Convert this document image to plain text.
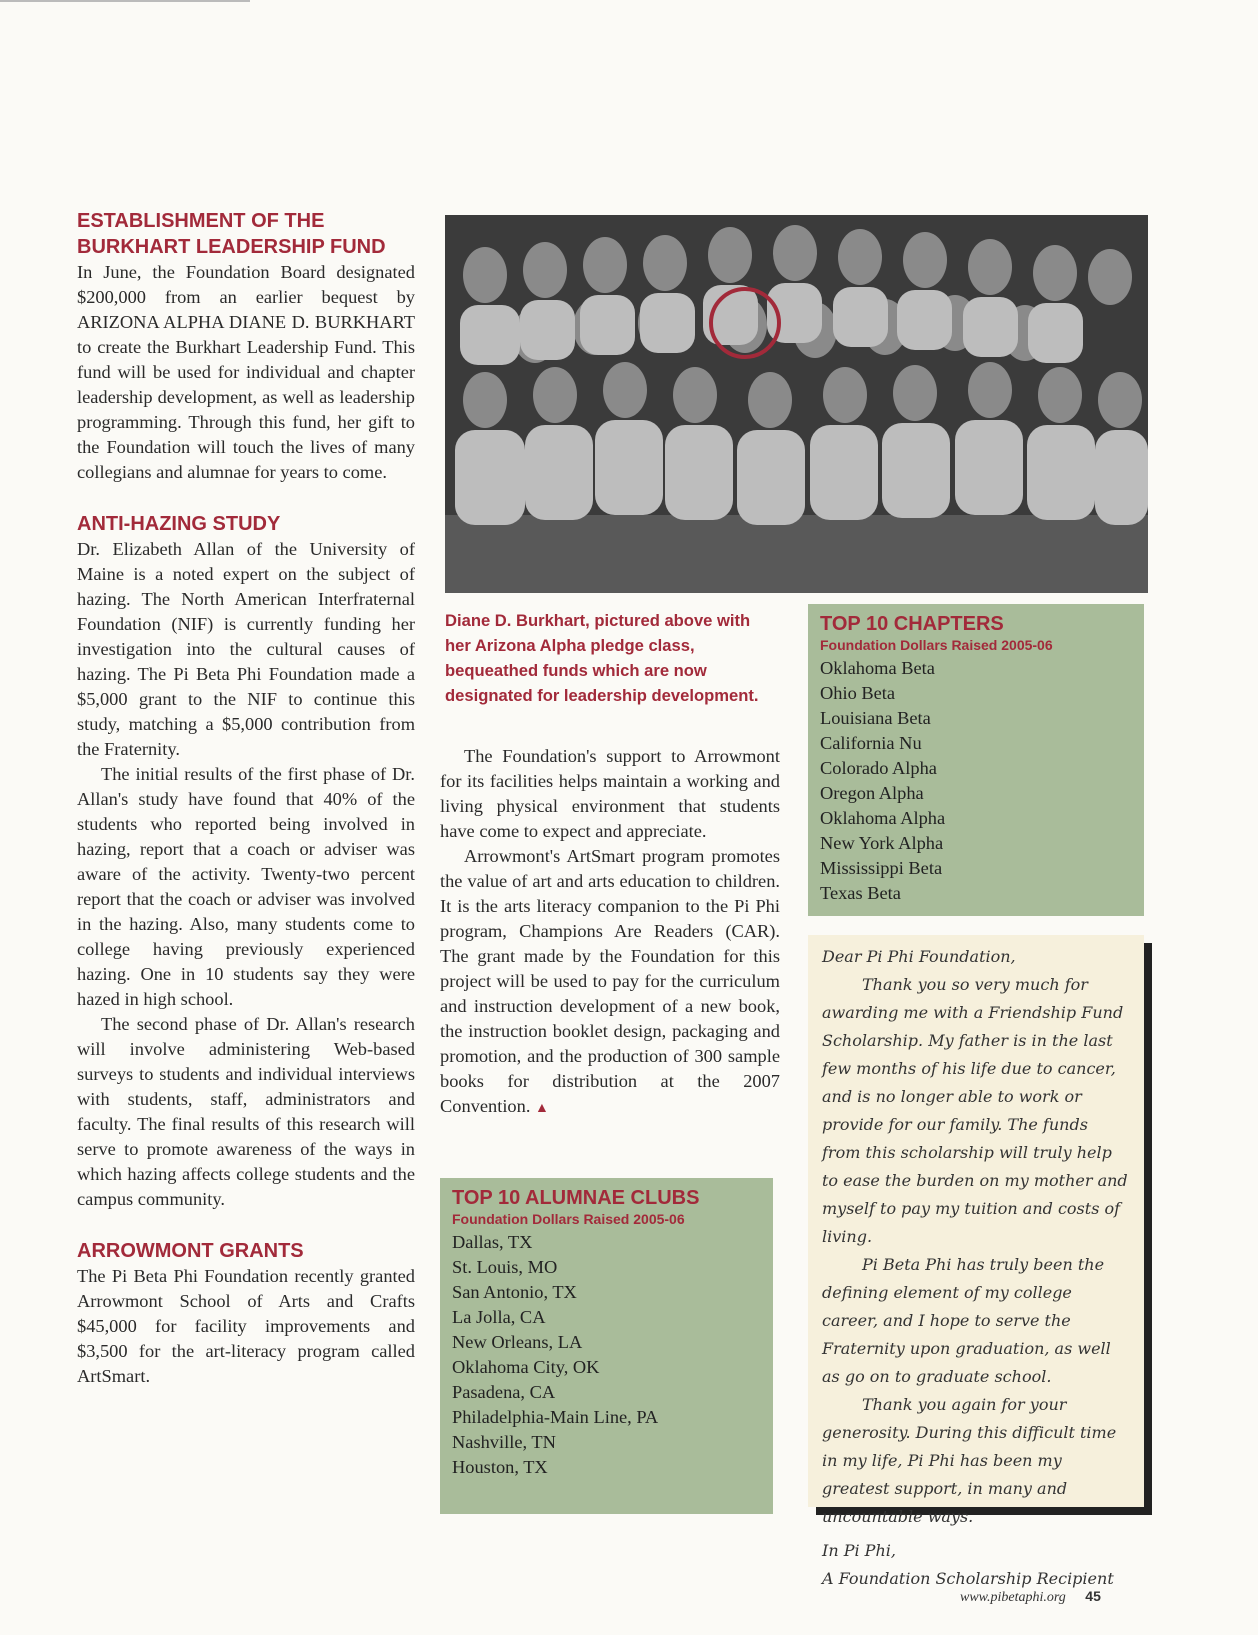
ESTABLISHMENT OF THE BURKHART LEADERSHIP FUND

In June, the Foundation Board designated $200,000 from an earlier bequest by ARIZONA ALPHA DIANE D. BURKHART to create the Burkhart Leadership Fund. This fund will be used for individual and chapter leadership development, as well as leadership programming. Through this fund, her gift to the Foundation will touch the lives of many collegians and alumnae for years to come.

ANTI-HAZING STUDY

Dr. Elizabeth Allan of the University of Maine is a noted expert on the subject of hazing. The North American Interfraternal Foundation (NIF) is currently funding her investigation into the cultural causes of hazing. The Pi Beta Phi Foundation made a $5,000 grant to the NIF to continue this study, matching a $5,000 contribution from the Fraternity.

The initial results of the first phase of Dr. Allan's study have found that 40% of the students who reported being involved in hazing, report that a coach or adviser was aware of the activity. Twenty-two percent report that the coach or adviser was involved in the hazing. Also, many students come to college having previously experienced hazing. One in 10 students say they were hazed in high school.

The second phase of Dr. Allan's research will involve administering Web-based surveys to students and individual interviews with students, staff, administrators and faculty. The final results of this research will serve to promote awareness of the ways in which hazing affects college students and the campus community.

ARROWMONT GRANTS

The Pi Beta Phi Foundation recently granted Arrowmont School of Arts and Crafts $45,000 for facility improvements and $3,500 for the art-literacy program called ArtSmart.

Diane D. Burkhart, pictured above with her Arizona Alpha pledge class, bequeathed funds which are now designated for leadership development.

The Foundation's support to Arrowmont for its facilities helps maintain a working and living physical environment that students have come to expect and appreciate.

Arrowmont's ArtSmart program promotes the value of art and arts education to children. It is the arts literacy companion to the Pi Phi program, Champions Are Readers (CAR). The grant made by the Foundation for this project will be used to pay for the curriculum and instruction development of a new book, the instruction booklet design, packaging and promotion, and the production of 300 sample books for distribution at the 2007 Convention. ▲

TOP 10 CHAPTERS
Foundation Dollars Raised 2005-06
Oklahoma Beta
Ohio Beta
Louisiana Beta
California Nu
Colorado Alpha
Oregon Alpha
Oklahoma Alpha
New York Alpha
Mississippi Beta
Texas Beta
TOP 10 ALUMNAE CLUBS
Foundation Dollars Raised 2005-06
Dallas, TX
St. Louis, MO
San Antonio, TX
La Jolla, CA
New Orleans, LA
Oklahoma City, OK
Pasadena, CA
Philadelphia-Main Line, PA
Nashville, TN
Houston, TX

Dear Pi Phi Foundation,

Thank you so very much for awarding me with a Friendship Fund Scholarship. My father is in the last few months of his life due to cancer, and is no longer able to work or provide for our family. The funds from this scholarship will truly help to ease the burden on my mother and myself to pay my tuition and costs of living.

Pi Beta Phi has truly been the defining element of my college career, and I hope to serve the Fraternity upon graduation, as well as go on to graduate school.

Thank you again for your generosity. During this difficult time in my life, Pi Phi has been my greatest support, in many and uncountable ways.

In Pi Phi,

A Foundation Scholarship Recipient

www.pibetaphi.org 45
